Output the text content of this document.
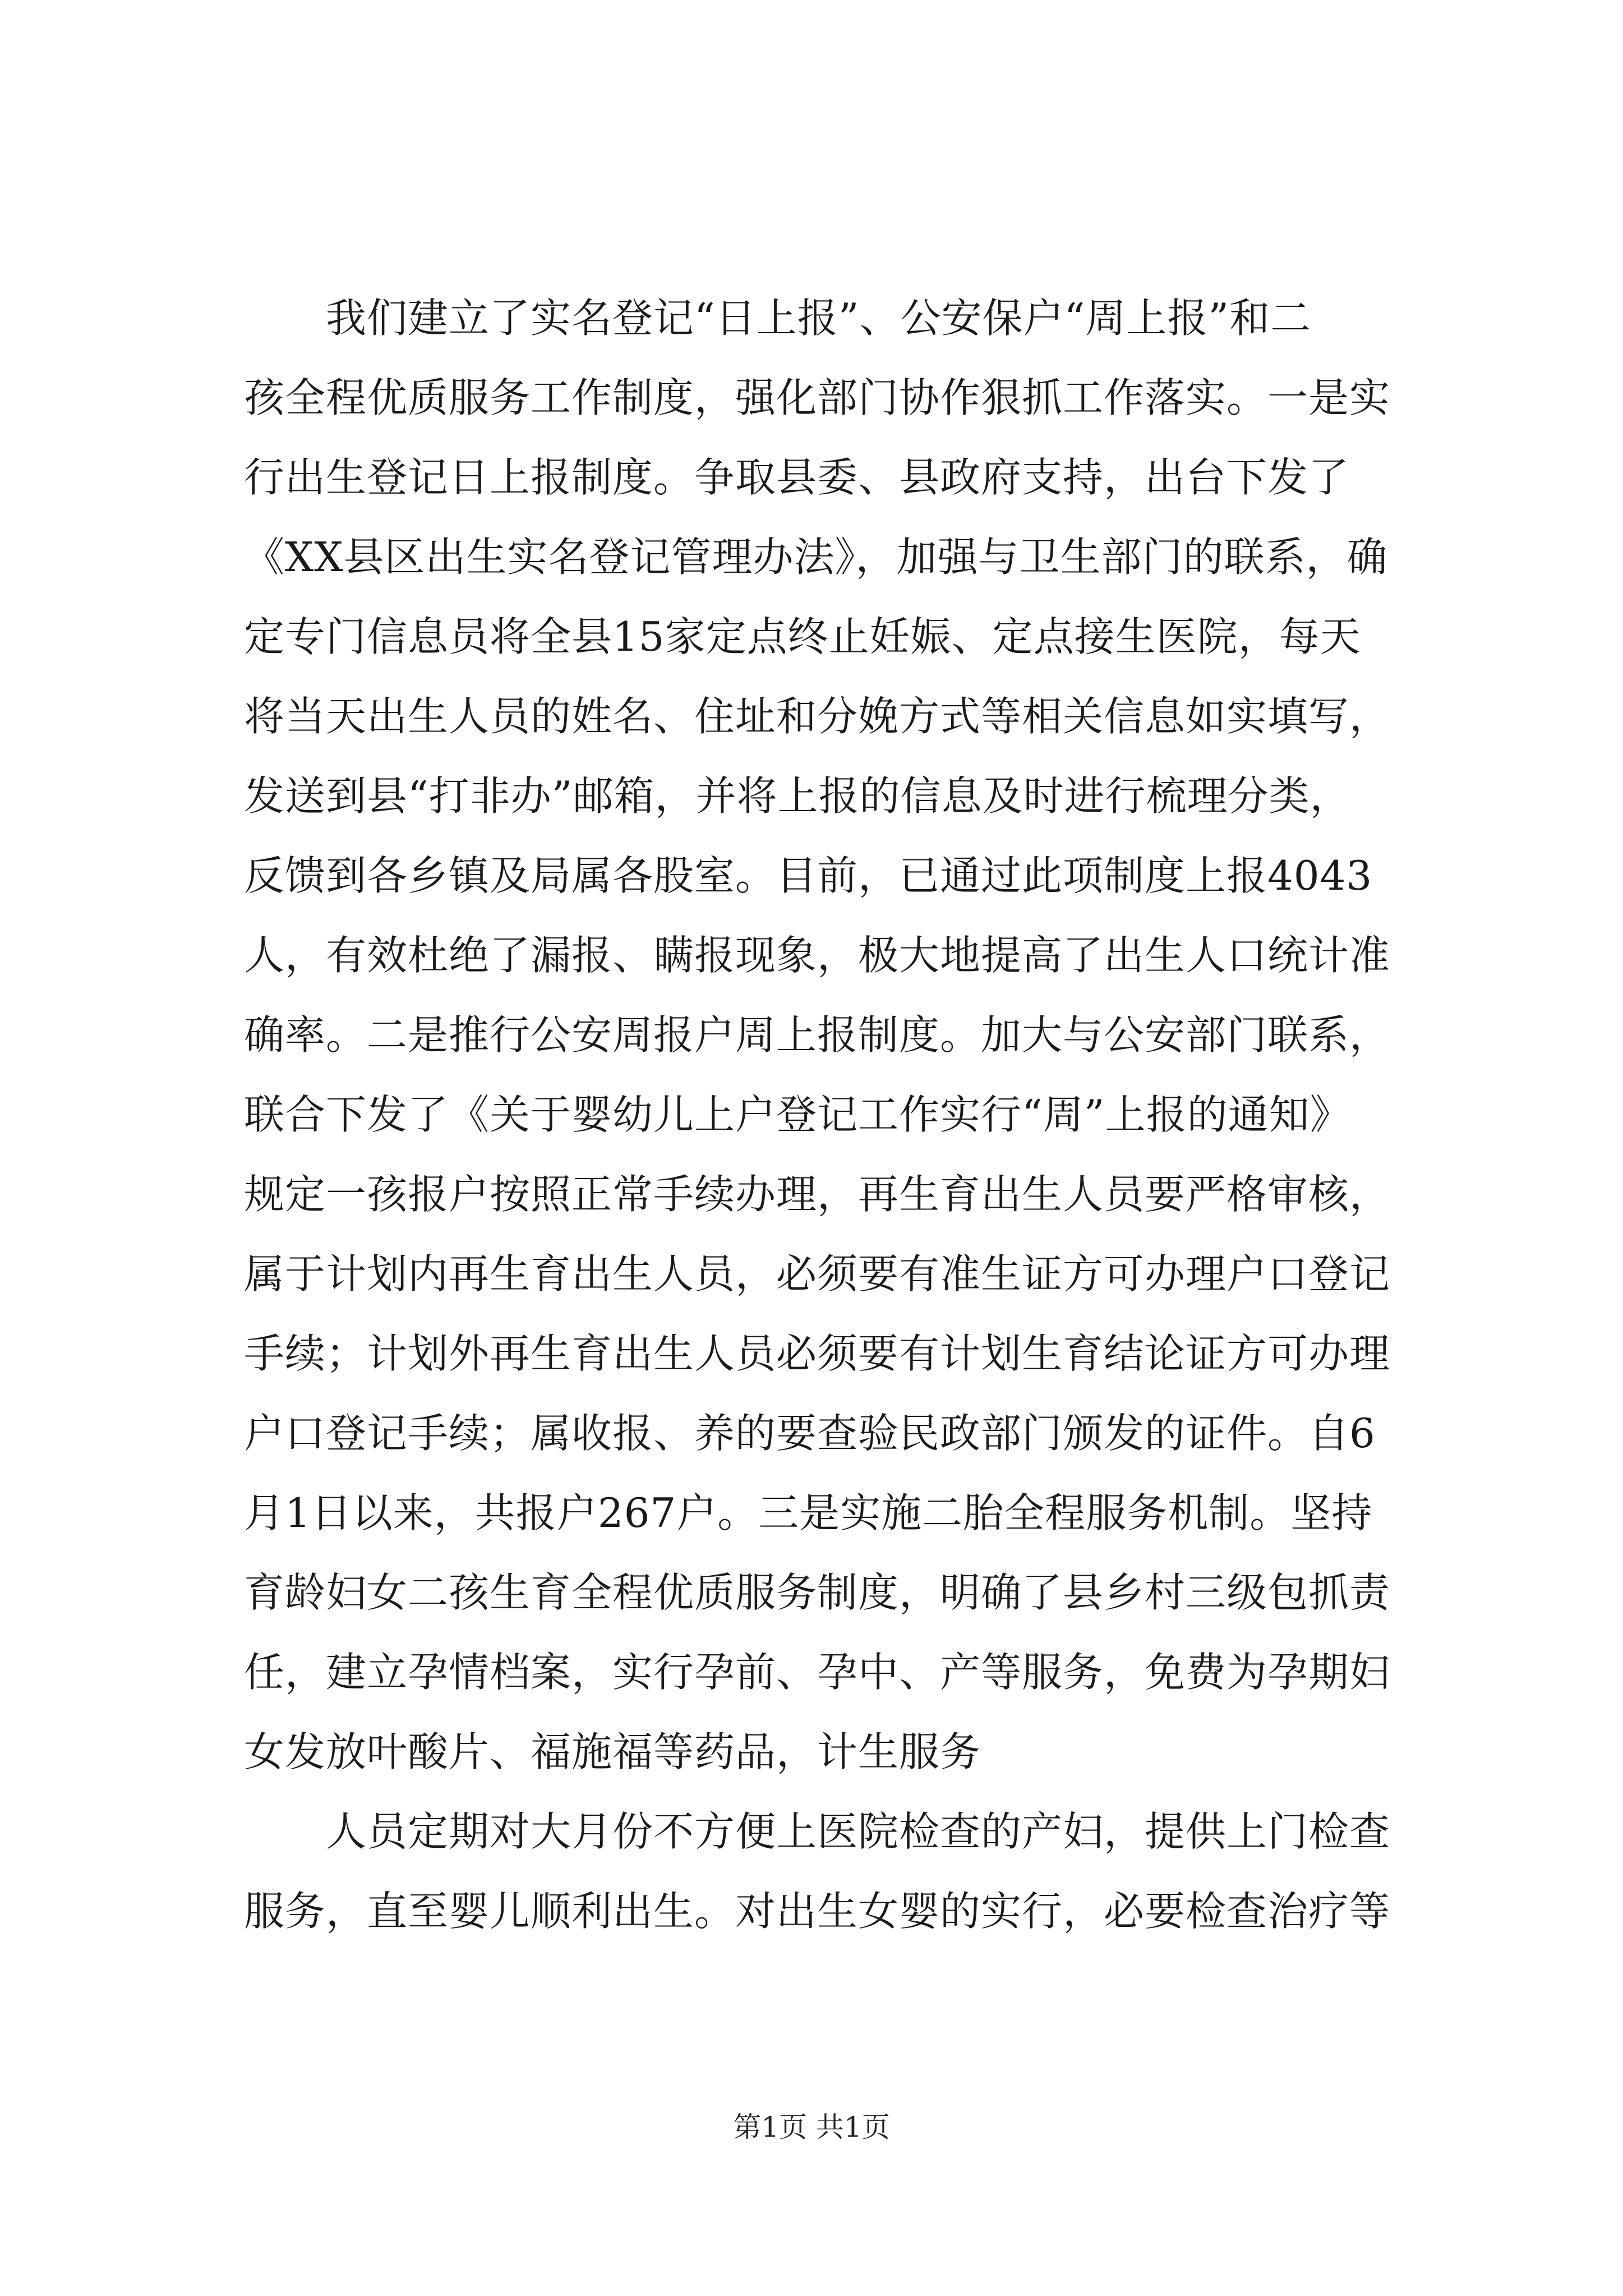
　　我们建立了实名登记“日上报”、公安保户“周上报”和二
孩全程优质服务工作制度，强化部门协作狠抓工作落实。一是实
行出生登记日上报制度。争取县委、县政府支持，出台下发了
《XX县区出生实名登记管理办法》，加强与卫生部门的联系，确
定专门信息员将全县15家定点终止妊娠、定点接生医院，每天
将当天出生人员的姓名、住址和分娩方式等相关信息如实填写，
发送到县“打非办”邮箱，并将上报的信息及时进行梳理分类，
反馈到各乡镇及局属各股室。目前，已通过此项制度上报4043
人，有效杜绝了漏报、瞒报现象，极大地提高了出生人口统计准
确率。二是推行公安周报户周上报制度。加大与公安部门联系，
联合下发了《关于婴幼儿上户登记工作实行“周”上报的通知》
规定一孩报户按照正常手续办理，再生育出生人员要严格审核，
属于计划内再生育出生人员，必须要有准生证方可办理户口登记
手续；计划外再生育出生人员必须要有计划生育结论证方可办理
户口登记手续；属收报、养的要查验民政部门颁发的证件。自6
月1日以来，共报户267户。三是实施二胎全程服务机制。坚持
育龄妇女二孩生育全程优质服务制度，明确了县乡村三级包抓责
任，建立孕情档案，实行孕前、孕中、产等服务，免费为孕期妇
女发放叶酸片、福施福等药品，计生服务
　　人员定期对大月份不方便上医院检查的产妇，提供上门检查
服务，直至婴儿顺利出生。对出生女婴的实行，必要检查治疗等
第1页 共1页
